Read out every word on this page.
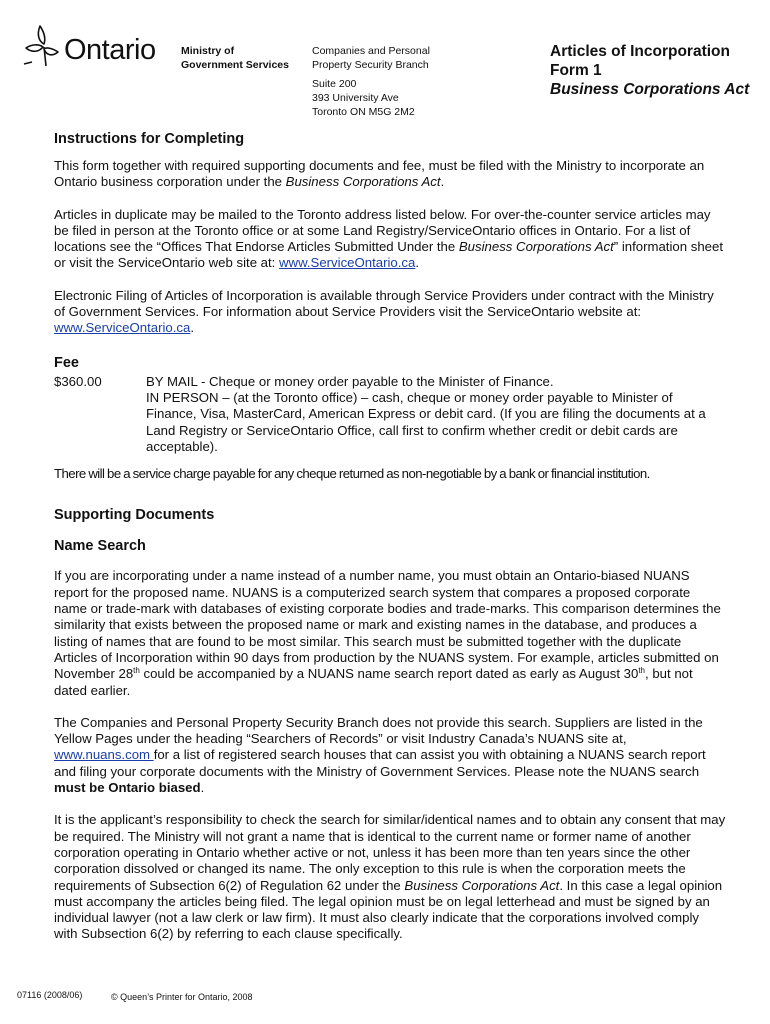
Ontario Ministry of
Government Services
Companies and Personal
Property Security Branch
Suite 200
393 University Ave
Toronto ON M5G 2M2
Articles of Incorporation
Form 1
Business Corporations Act
Instructions for Completing

This form together with required supporting documents and fee, must be filed with the Ministry to incorporate an Ontario business corporation under the Business Corporations Act.

Articles in duplicate may be mailed to the Toronto address listed below. For over-the-counter service articles may be filed in person at the Toronto office or at some Land Registry/ServiceOntario offices in Ontario. For a list of locations see the “Offices That Endorse Articles Submitted Under the Business Corporations Act” information sheet or visit the ServiceOntario web site at: www.ServiceOntario.ca.

Electronic Filing of Articles of Incorporation is available through Service Providers under contract with the Ministry of Government Services. For information about Service Providers visit the ServiceOntario website at: www.ServiceOntario.ca.

Fee
$360.00	BY MAIL - Cheque or money order payable to the Minister of Finance.
IN PERSON – (at the Toronto office) – cash, cheque or money order payable to Minister of Finance, Visa, MasterCard, American Express or debit card. (If you are filing the documents at a Land Registry or ServiceOntario Office, call first to confirm whether credit or debit cards are acceptable).

There will be a service charge payable for any cheque returned as non-negotiable by a bank or financial institution.

Supporting Documents
Name Search

If you are incorporating under a name instead of a number name, you must obtain an Ontario-biased NUANS report for the proposed name. NUANS is a computerized search system that compares a proposed corporate name or trade-mark with databases of existing corporate bodies and trade-marks. This comparison determines the similarity that exists between the proposed name or mark and existing names in the database, and produces a listing of names that are found to be most similar. This search must be submitted together with the duplicate Articles of Incorporation within 90 days from production by the NUANS system. For example, articles submitted on November 28th could be accompanied by a NUANS name search report dated as early as August 30th, but not dated earlier.

The Companies and Personal Property Security Branch does not provide this search. Suppliers are listed in the Yellow Pages under the heading “Searchers of Records” or visit Industry Canada’s NUANS site at, www.nuans.com for a list of registered search houses that can assist you with obtaining a NUANS search report and filing your corporate documents with the Ministry of Government Services. Please note the NUANS search must be Ontario biased.

It is the applicant’s responsibility to check the search for similar/identical names and to obtain any consent that may be required. The Ministry will not grant a name that is identical to the current name or former name of another corporation operating in Ontario whether active or not, unless it has been more than ten years since the other corporation dissolved or changed its name. The only exception to this rule is when the corporation meets the requirements of Subsection 6(2) of Regulation 62 under the Business Corporations Act. In this case a legal opinion must accompany the articles being filed. The legal opinion must be on legal letterhead and must be signed by an individual lawyer (not a law clerk or law firm). It must also clearly indicate that the corporations involved comply with Subsection 6(2) by referring to each clause specifically.

07116 (2008/06)	© Queen’s Printer for Ontario, 2008
